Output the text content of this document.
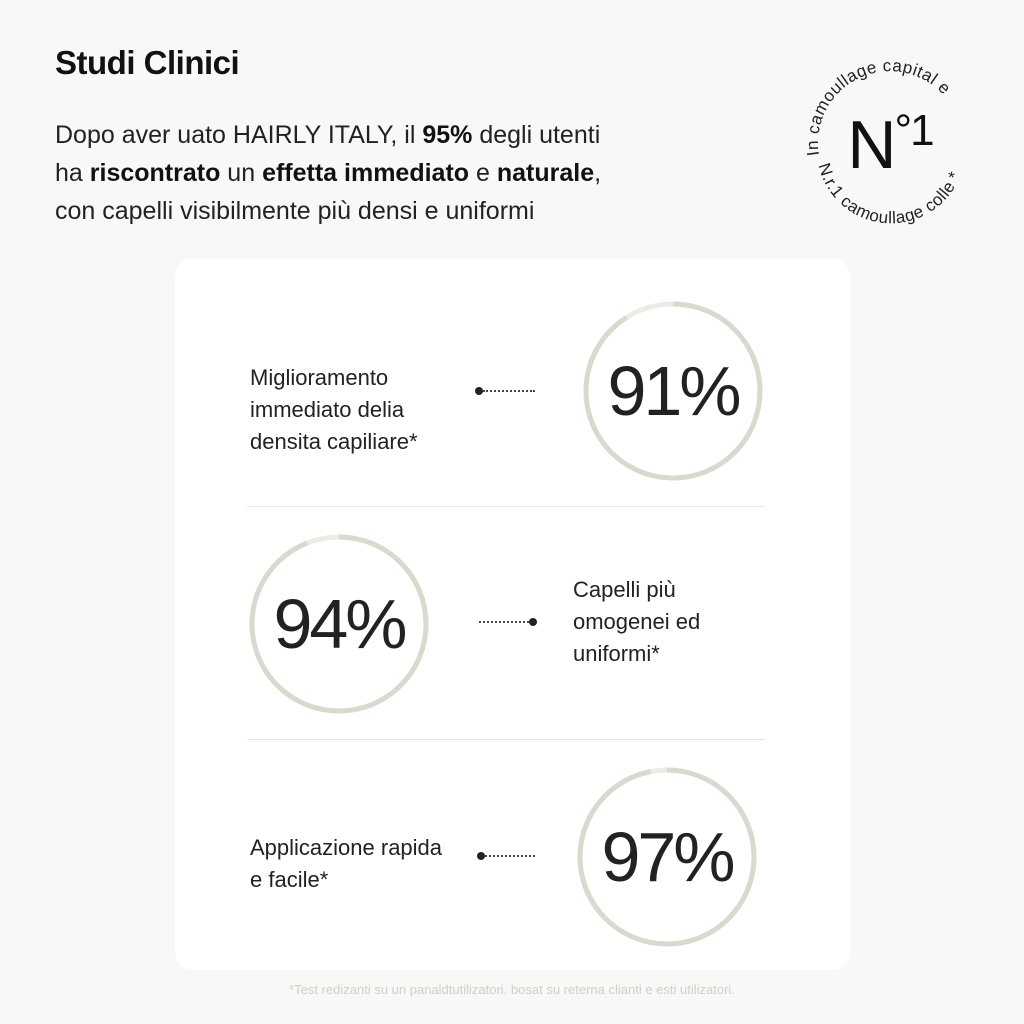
Studi Clinici
Dopo aver uato HAIRLY ITALY, il 95% degli utenti
ha riscontrato un effetta immediato e naturale,
con capelli visibilmente più densi e uniformi
In camoullage capital e
N.r.1 camoullage colle *
$N^{^\circ 1}$
Miglioramento
immediato delia
densita capiliare*
91%
94%	Capelli più
omogenei ed
uniformi*
Applicazione rapida
e facile*	97%
*Test redizanti su un panaldtutilizatori. bosat su reterna clianti e esti utilizatori.
